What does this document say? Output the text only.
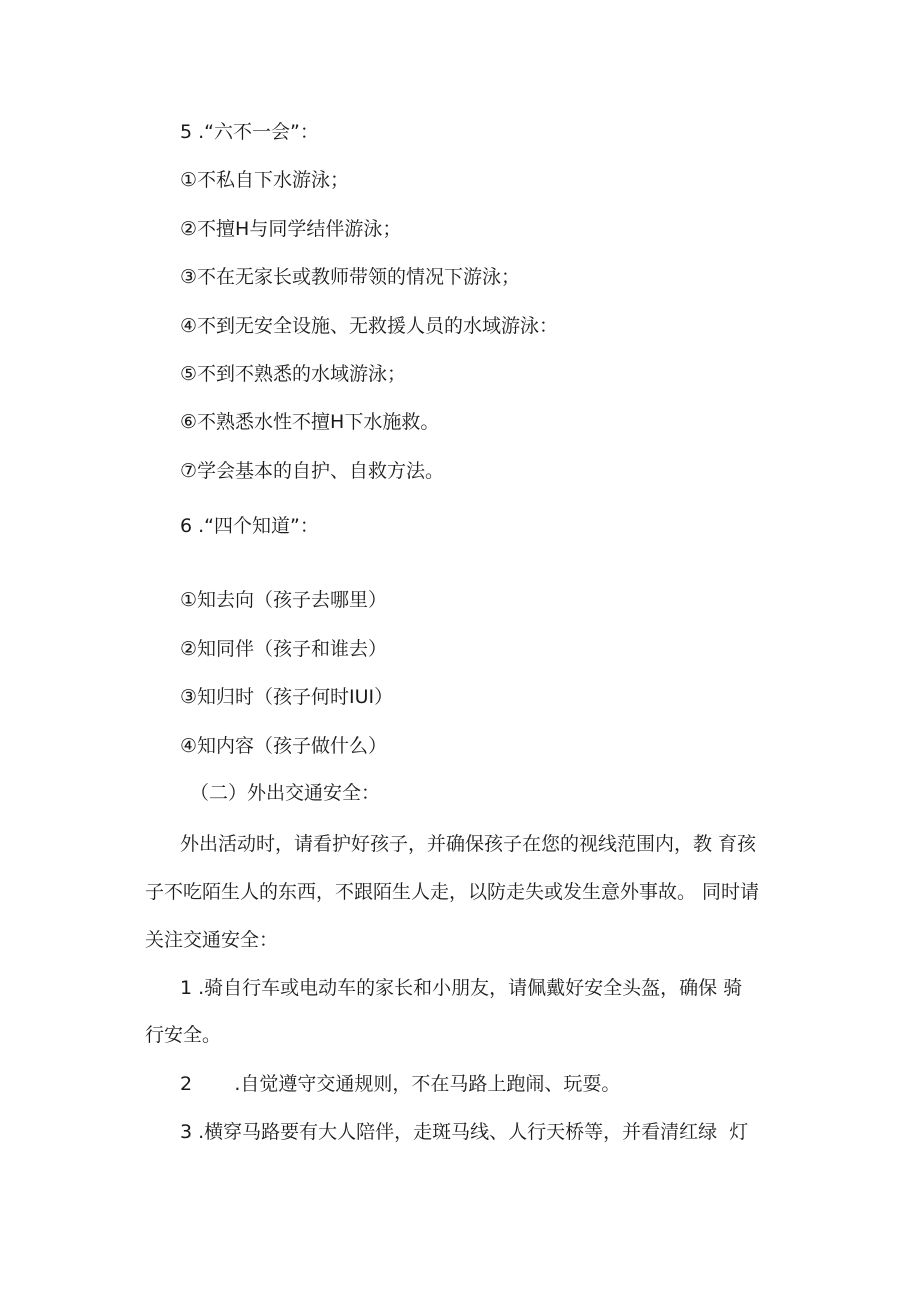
5 .“六不一会”：
①不私自下水游泳；
②不擅H与同学结伴游泳；
③不在无家长或教师带领的情况下游泳；
④不到无安全设施、无救援人员的水域游泳：
⑤不到不熟悉的水域游泳；
⑥不熟悉水性不擅H下水施救。
⑦学会基本的自护、自救方法。
6 .“四个知道”：
①知去向（孩子去哪里）
②知同伴（孩子和谁去）
③知归时（孩子何时IUI）
④知内容（孩子做什么）
（二）外出交通安全：
外出活动时，请看护好孩子，并确保孩子在您的视线范围内，教 育孩
子不吃陌生人的东西，不跟陌生人走，以防走失或发生意外事故。 同时请
关注交通安全：
1 .骑自行车或电动车的家长和小朋友，请佩戴好安全头盔，确保 骑
行安全。
2       .自觉遵守交通规则，不在马路上跑闹、玩耍。
3 .横穿马路要有大人陪伴，走斑马线、人行天桥等，并看清红绿  灯
